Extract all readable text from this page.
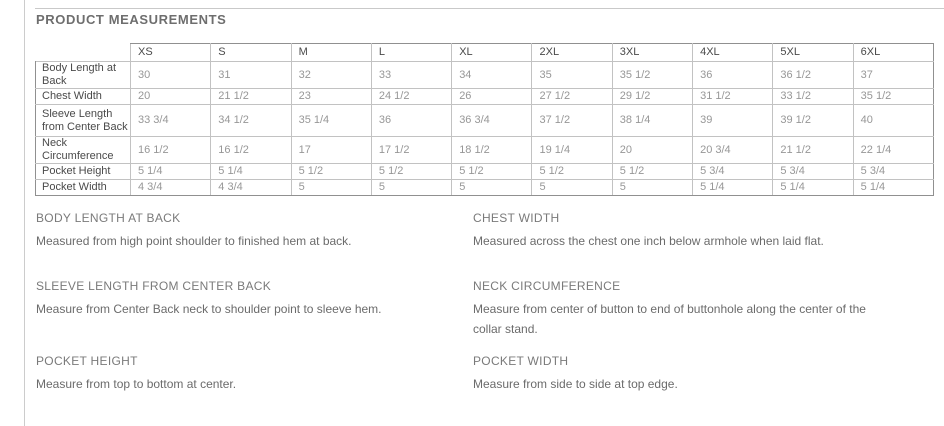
PRODUCT MEASUREMENTS
	XS	S	M	L	XL	2XL	3XL	4XL	5XL	6XL
Body Length at Back	30	31	32	33	34	35	35 1/2	36	36 1/2	37
Chest Width	20	21 1/2	23	24 1/2	26	27 1/2	29 1/2	31 1/2	33 1/2	35 1/2
Sleeve Length from Center Back	33 3/4	34 1/2	35 1/4	36	36 3/4	37 1/2	38 1/4	39	39 1/2	40
Neck Circumference	16 1/2	16 1/2	17	17 1/2	18 1/2	19 1/4	20	20 3/4	21 1/2	22 1/4
Pocket Height	5 1/4	5 1/4	5 1/2	5 1/2	5 1/2	5 1/2	5 1/2	5 3/4	5 3/4	5 3/4
Pocket Width	4 3/4	4 3/4	5	5	5	5	5	5 1/4	5 1/4	5 1/4
BODY LENGTH AT BACK
Measured from high point shoulder to finished hem at back.
CHEST WIDTH
Measured across the chest one inch below armhole when laid flat.
SLEEVE LENGTH FROM CENTER BACK
Measure from Center Back neck to shoulder point to sleeve hem.
NECK CIRCUMFERENCE
Measure from center of button to end of buttonhole along the center of the collar stand.
POCKET HEIGHT
Measure from top to bottom at center.
POCKET WIDTH
Measure from side to side at top edge.
